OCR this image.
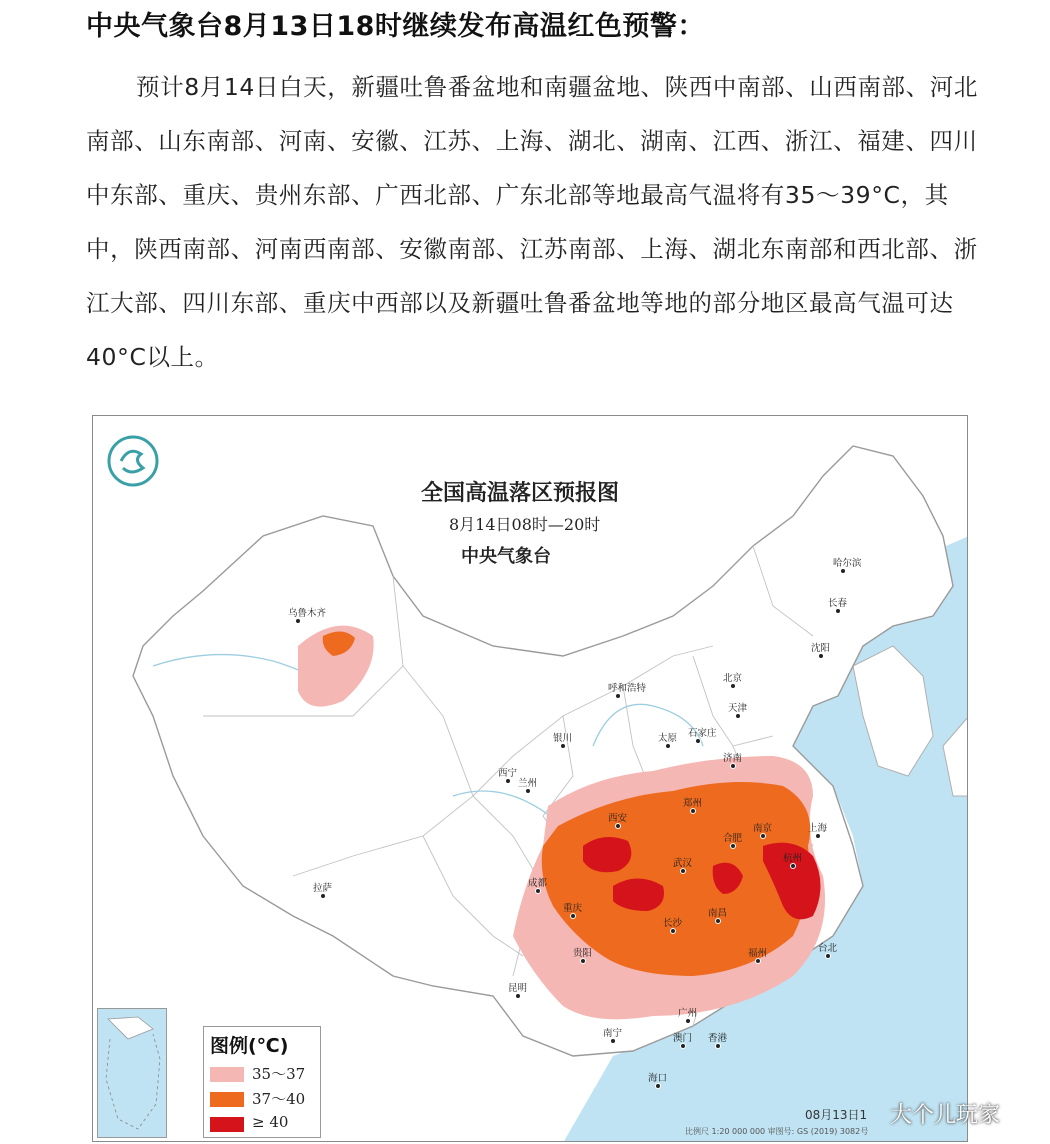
中央气象台8月13日18时继续发布高温红色预警：
预计8月14日白天，新疆吐鲁番盆地和南疆盆地、陕西中南部、山西南部、河北南部、山东南部、河南、安徽、江苏、上海、湖北、湖南、江西、浙江、福建、四川中东部、重庆、贵州东部、广西北部、广东北部等地最高气温将有35～39°C，其中，陕西南部、河南西南部、安徽南部、江苏南部、上海、湖北东南部和西北部、浙江大部、四川东部、重庆中西部以及新疆吐鲁番盆地等地的部分地区最高气温可达40°C以上。
全国高温落区预报图
8月14日08时—20时
中央气象台
乌鲁木齐
哈尔滨
长春
沈阳
呼和浩特
北京
天津
银川	太原 石家庄
济南
西宁
兰州
郑州
西安
合肥
南京	上海
杭州
武汉
成都
重庆
长沙
南昌
拉萨
贵阳	福州	台北
昆明
南宁
广州
澳门 香港
海口
图例(℃)
35～37
37～40
≥ 40
比例尺 1:20 000 000 审图号: GS (2019) 3082号
08月13日1 大个儿玩家
